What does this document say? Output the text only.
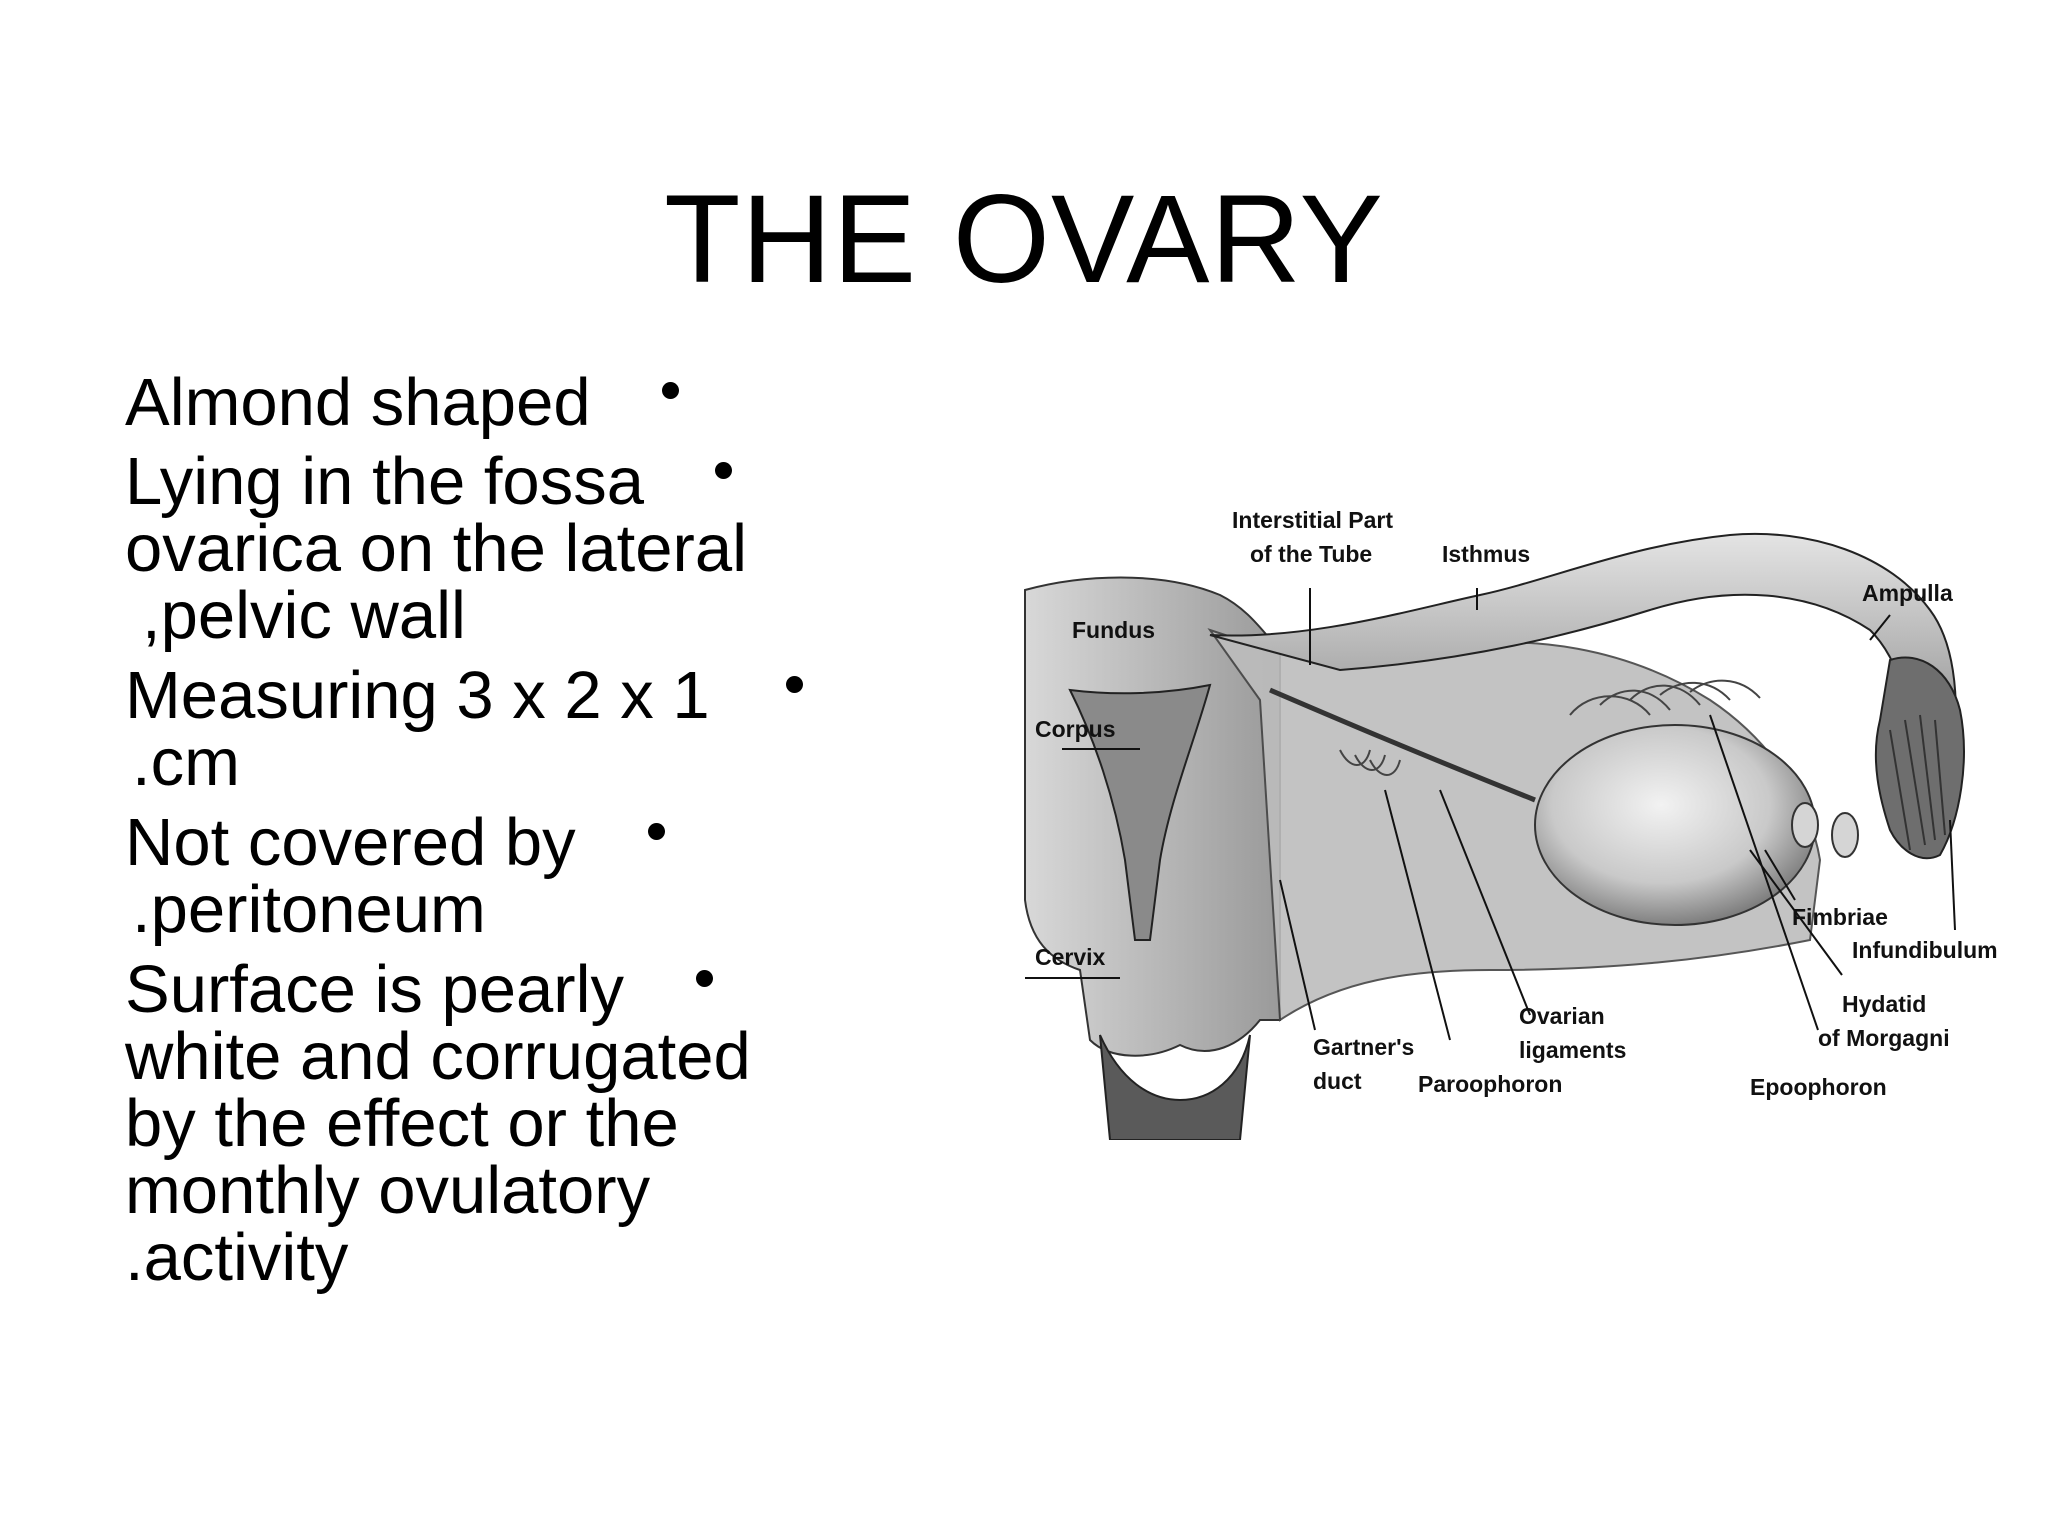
THE OVARY
Almond shaped
Lying in the fossa
ovarica on the lateral
,pelvic wall
Measuring 3 x 2 x 1
.cm
Not covered by
.peritoneum
Surface is pearly
white and corrugated
by the effect or the
monthly ovulatory
.activity
Interstitial Part
of the Tube	Isthmus
Ampulla
Fundus
Corpus
Cervix
Gartner's
duct
Ovarian
ligaments
Paroophoron
Fimbriae
Infundibulum
Hydatid
of Morgagni
Epoophoron
